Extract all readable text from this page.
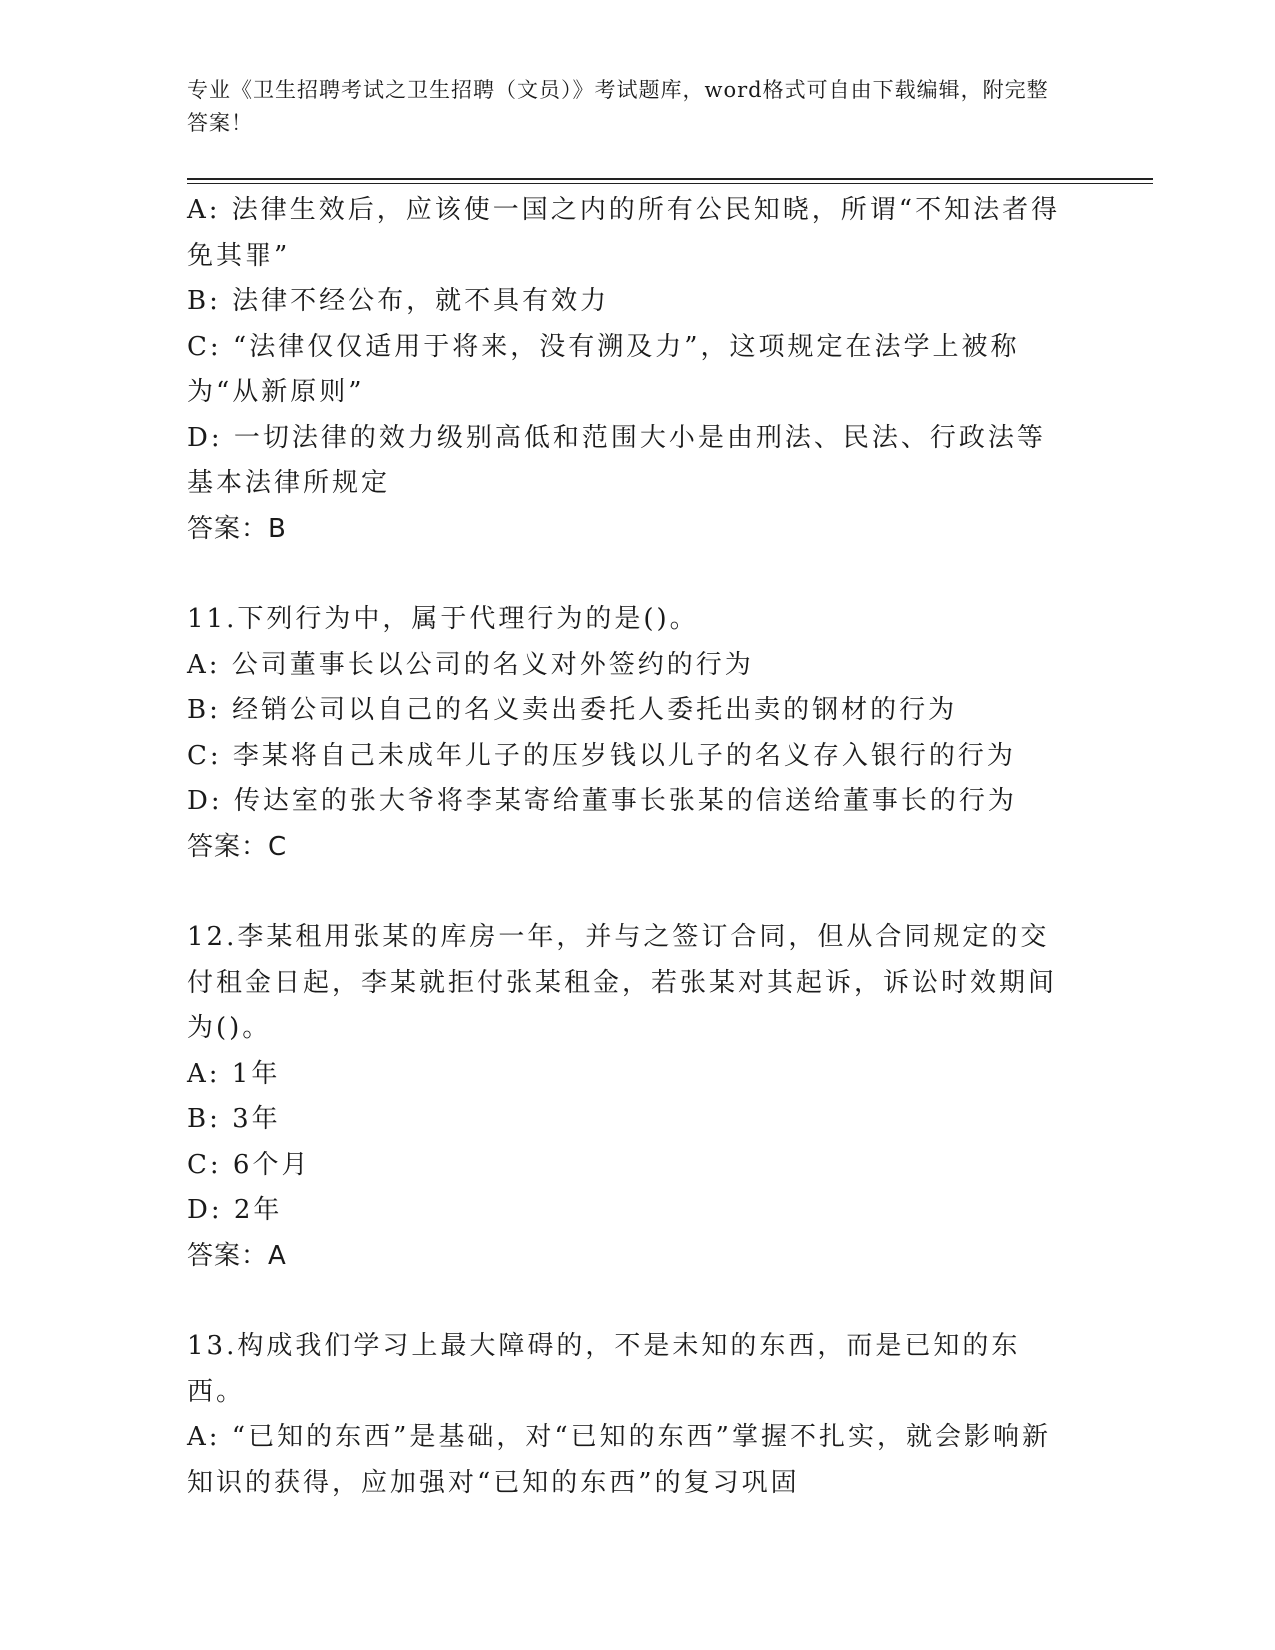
专业《卫生招聘考试之卫生招聘（文员）》考试题库，word格式可自由下载编辑，附完整答案！

A: 法律生效后，应该使一国之内的所有公民知晓，所谓“不知法者得免其罪”

B: 法律不经公布，就不具有效力

C: “法律仅仅适用于将来，没有溯及力”，这项规定在法学上被称为“从新原则”

D: 一切法律的效力级别高低和范围大小是由刑法、民法、行政法等基本法律所规定

答案：B

11.下列行为中，属于代理行为的是()。

A: 公司董事长以公司的名义对外签约的行为

B: 经销公司以自己的名义卖出委托人委托出卖的钢材的行为

C: 李某将自己未成年儿子的压岁钱以儿子的名义存入银行的行为

D: 传达室的张大爷将李某寄给董事长张某的信送给董事长的行为

答案：C

12.李某租用张某的库房一年，并与之签订合同，但从合同规定的交付租金日起，李某就拒付张某租金，若张某对其起诉，诉讼时效期间为()。

A: 1年

B: 3年

C: 6个月

D: 2年

答案：A

13.构成我们学习上最大障碍的，不是未知的东西，而是已知的东西。

A: “已知的东西”是基础，对“已知的东西”掌握不扎实，就会影响新知识的获得，应加强对“已知的东西”的复习巩固
